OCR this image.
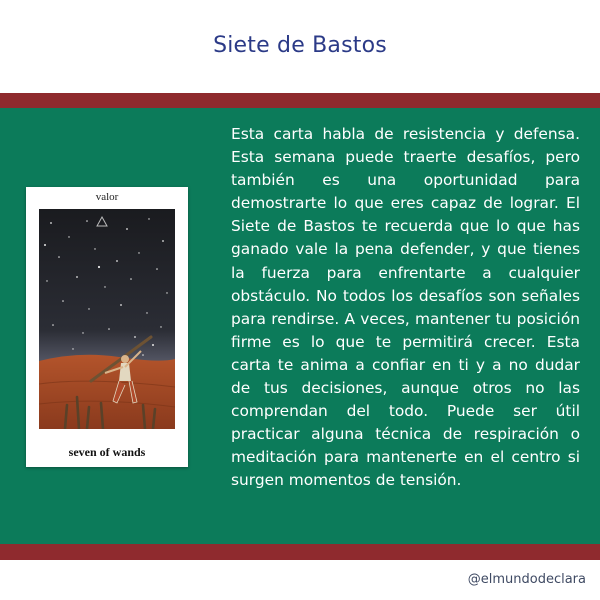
Siete de Bastos
valor
seven of wands

Esta carta habla de resistencia y defensa. Esta semana puede traerte desafíos, pero también es una oportunidad para demostrarte lo que eres capaz de lograr. El Siete de Bastos te recuerda que lo que has ganado vale la pena defender, y que tienes la fuerza para enfrentarte a cualquier obstáculo. No todos los desafíos son señales para rendirse. A veces, mantener tu posición firme es lo que te permitirá crecer. Esta carta te anima a confiar en ti y a no dudar de tus decisiones, aunque otros no las comprendan del todo. Puede ser útil practicar alguna técnica de respiración o meditación para mantenerte en el centro si surgen momentos de tensión.

@elmundodeclara
